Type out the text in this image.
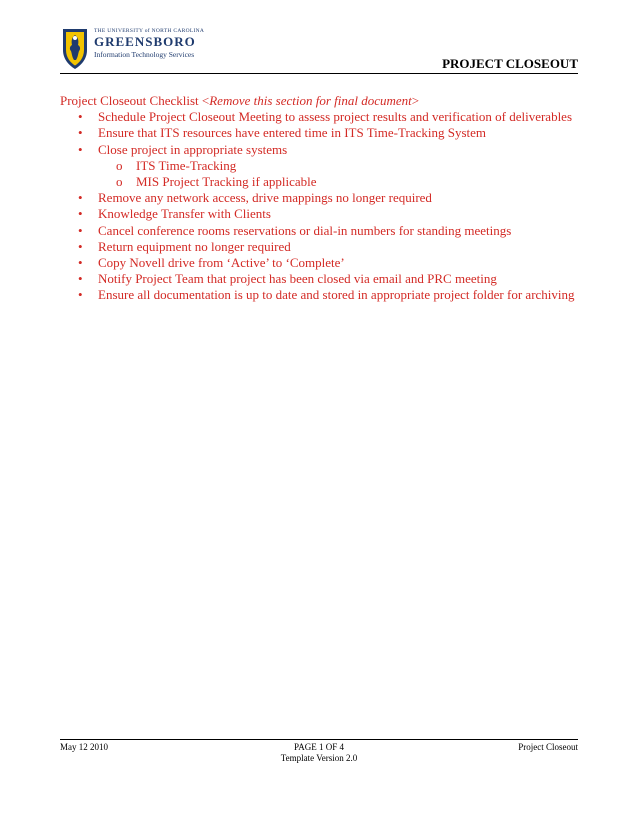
THE UNIVERSITY of NORTH CAROLINA
GREENSBORO
Information Technology Services
PROJECT CLOSEOUT
Project Closeout Checklist <Remove this section for final document>
• Schedule Project Closeout Meeting to assess project results and verification of deliverables
• Ensure that ITS resources have entered time in ITS Time-Tracking System
• Close project in appropriate systems
o ITS Time-Tracking
o MIS Project Tracking if applicable
• Remove any network access, drive mappings no longer required
• Knowledge Transfer with Clients
• Cancel conference rooms reservations or dial-in numbers for standing meetings
• Return equipment no longer required
• Copy Novell drive from ‘Active’ to ‘Complete’
• Notify Project Team that project has been closed via email and PRC meeting
• Ensure all documentation is up to date and stored in appropriate project folder for archiving
May 12 2010	PAGE 1 OF 4
Template Version 2.0
Project Closeout
